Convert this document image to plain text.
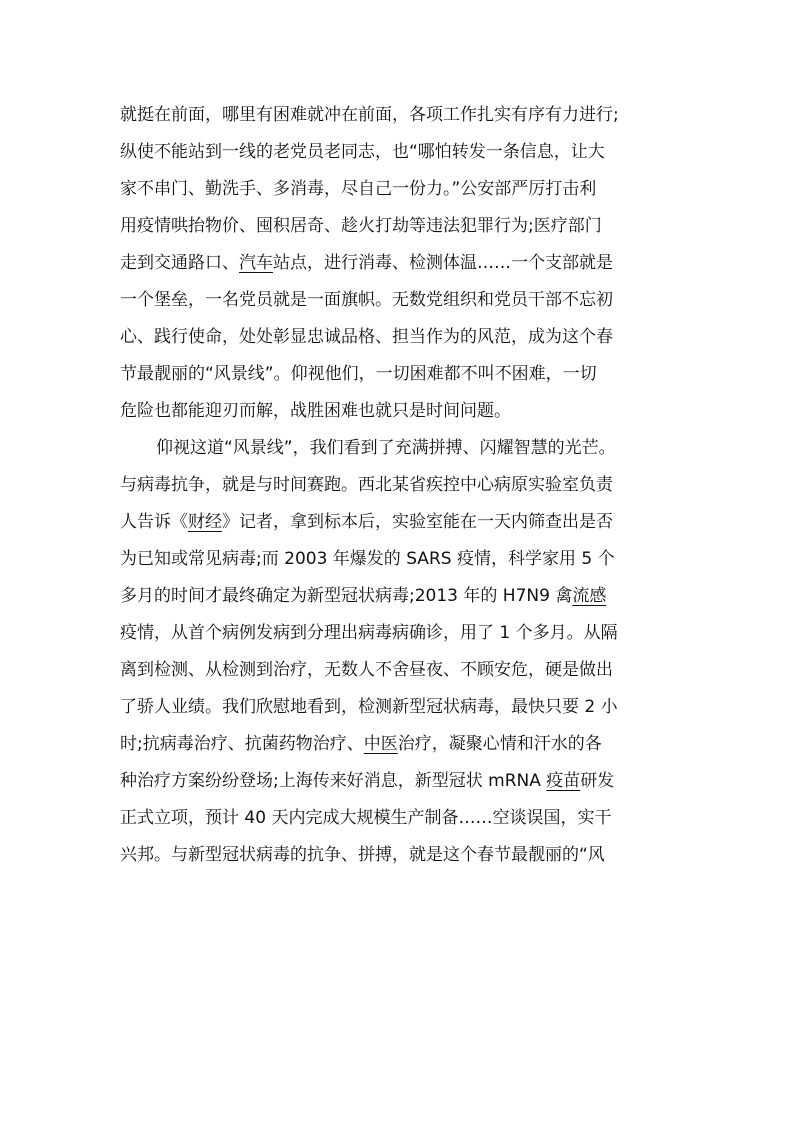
就挺在前面，哪里有困难就冲在前面，各项工作扎实有序有力进行;
纵使不能站到一线的老党员老同志，也“哪怕转发一条信息，让大
家不串门、勤洗手、多消毒，尽自己一份力。”公安部严厉打击利
用疫情哄抬物价、囤积居奇、趁火打劫等违法犯罪行为;医疗部门
走到交通路口、汽车站点，进行消毒、检测体温……一个支部就是
一个堡垒，一名党员就是一面旗帜。无数党组织和党员干部不忘初
心、践行使命，处处彰显忠诚品格、担当作为的风范，成为这个春
节最靓丽的“风景线”。仰视他们，一切困难都不叫不困难，一切
危险也都能迎刃而解，战胜困难也就只是时间问题。
仰视这道“风景线”，我们看到了充满拼搏、闪耀智慧的光芒。
与病毒抗争，就是与时间赛跑。西北某省疾控中心病原实验室负责
人告诉《财经》记者，拿到标本后，实验室能在一天内筛查出是否
为已知或常见病毒;而 2003 年爆发的 SARS 疫情，科学家用 5 个
多月的时间才最终确定为新型冠状病毒;2013 年的 H7N9 禽流感
疫情，从首个病例发病到分理出病毒病确诊，用了 1 个多月。从隔
离到检测、从检测到治疗，无数人不舍昼夜、不顾安危，硬是做出
了骄人业绩。我们欣慰地看到，检测新型冠状病毒，最快只要 2 小
时;抗病毒治疗、抗菌药物治疗、中医治疗，凝聚心情和汗水的各
种治疗方案纷纷登场;上海传来好消息，新型冠状 mRNA 疫苗研发
正式立项，预计 40 天内完成大规模生产制备……空谈误国，实干
兴邦。与新型冠状病毒的抗争、拼搏，就是这个春节最靓丽的“风
